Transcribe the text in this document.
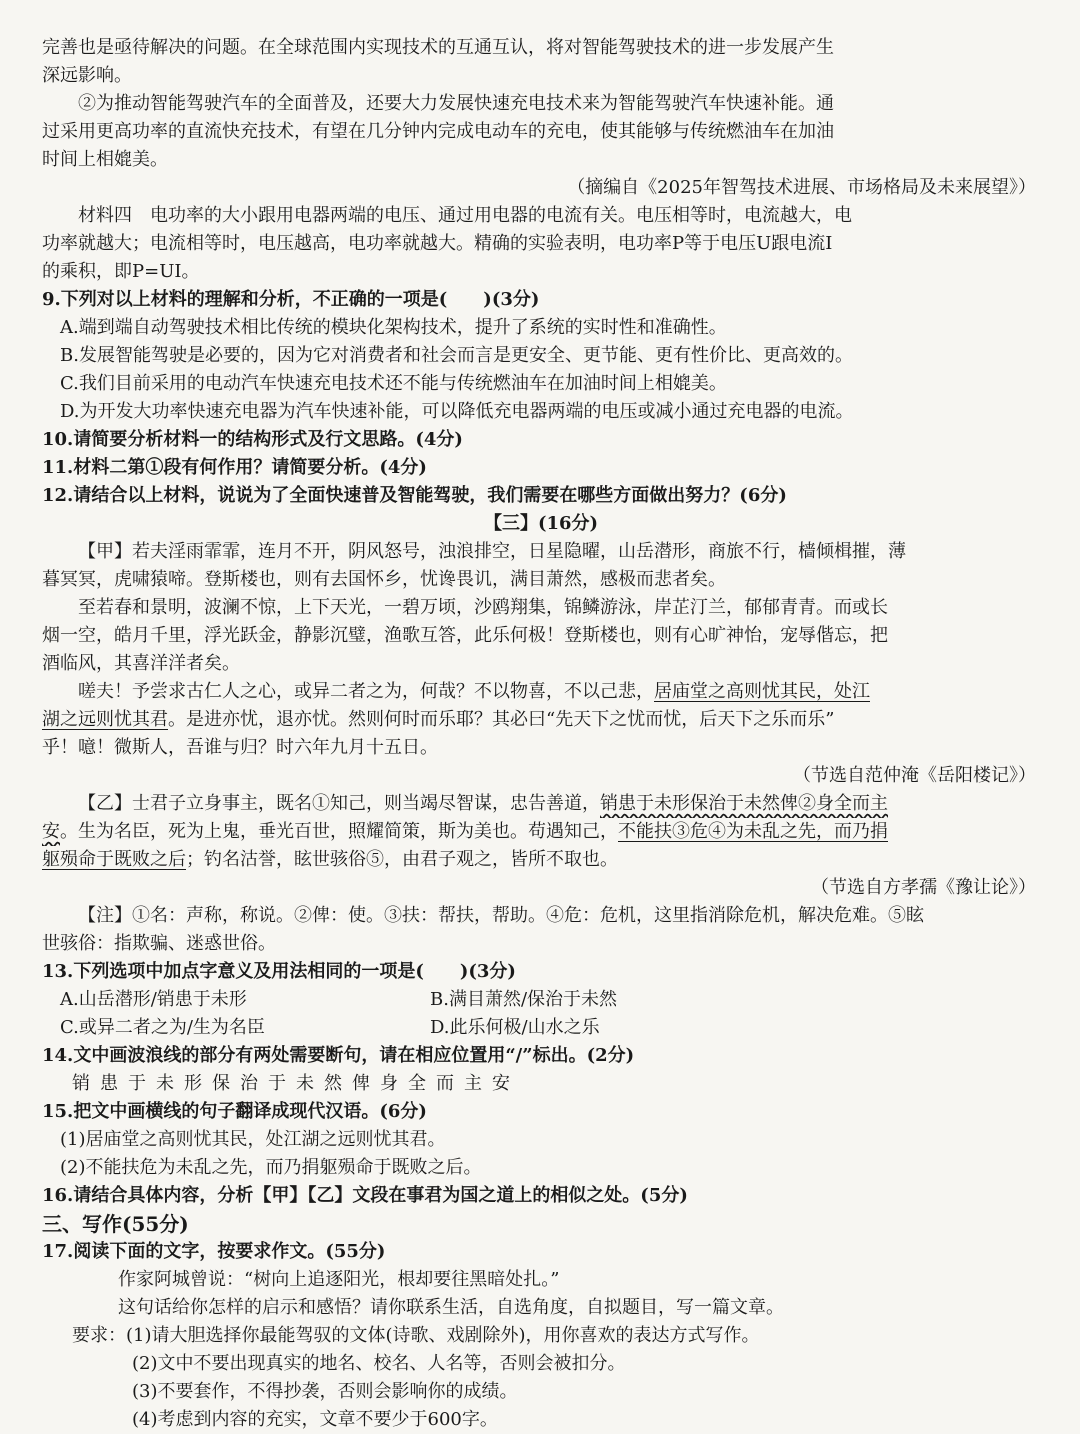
完善也是亟待解决的问题。在全球范围内实现技术的互通互认，将对智能驾驶技术的进一步发展产生

深远影响。

②为推动智能驾驶汽车的全面普及，还要大力发展快速充电技术来为智能驾驶汽车快速补能。通

过采用更高功率的直流快充技术，有望在几分钟内完成电动车的充电，使其能够与传统燃油车在加油

时间上相媲美。

（摘编自《2025年智驾技术进展、市场格局及未来展望》）

材料四　电功率的大小跟用电器两端的电压、通过用电器的电流有关。电压相等时，电流越大，电

功率就越大；电流相等时，电压越高，电功率就越大。精确的实验表明，电功率P等于电压U跟电流I

的乘积，即P=UI。

9.下列对以上材料的理解和分析，不正确的一项是(　　)(3分)

A.端到端自动驾驶技术相比传统的模块化架构技术，提升了系统的实时性和准确性。

B.发展智能驾驶是必要的，因为它对消费者和社会而言是更安全、更节能、更有性价比、更高效的。

C.我们目前采用的电动汽车快速充电技术还不能与传统燃油车在加油时间上相媲美。

D.为开发大功率快速充电器为汽车快速补能，可以降低充电器两端的电压或减小通过充电器的电流。

10.请简要分析材料一的结构形式及行文思路。(4分)

11.材料二第①段有何作用？请简要分析。(4分)

12.请结合以上材料，说说为了全面快速普及智能驾驶，我们需要在哪些方面做出努力？(6分)

【三】(16分)

【甲】若夫淫雨霏霏，连月不开，阴风怒号，浊浪排空，日星隐曜，山岳潜形，商旅不行，樯倾楫摧，薄

暮冥冥，虎啸猿啼。登斯楼也，则有去国怀乡，忧谗畏讥，满目萧然，感极而悲者矣。

至若春和景明，波澜不惊，上下天光，一碧万顷，沙鸥翔集，锦鳞游泳，岸芷汀兰，郁郁青青。而或长

烟一空，皓月千里，浮光跃金，静影沉璧，渔歌互答，此乐何极！登斯楼也，则有心旷神怡，宠辱偕忘，把

酒临风，其喜洋洋者矣。

嗟夫！予尝求古仁人之心，或异二者之为，何哉？不以物喜，不以己悲，居庙堂之高则忧其民，处江

湖之远则忧其君。是进亦忧，退亦忧。然则何时而乐耶？其必曰“先天下之忧而忧，后天下之乐而乐”

乎！噫！微斯人，吾谁与归？时六年九月十五日。

（节选自范仲淹《岳阳楼记》）

【乙】士君子立身事主，既名①知己，则当竭尽智谋，忠告善道，销患于未形保治于未然俾②身全而主

安。生为名臣，死为上鬼，垂光百世，照耀简策，斯为美也。苟遇知己，不能扶③危④为未乱之先，而乃捐

躯殒命于既败之后；钓名沽誉，眩世骇俗⑤，由君子观之，皆所不取也。

（节选自方孝孺《豫让论》）

【注】①名：声称，称说。②俾：使。③扶：帮扶，帮助。④危：危机，这里指消除危机，解决危难。⑤眩

世骇俗：指欺骗、迷惑世俗。

13.下列选项中加点字意义及用法相同的一项是(　　)(3分)

A.山岳潜形/销患于未形	B.满目萧然/保治于未然
C.或异二者之为/生为名臣	D.此乐何极/山水之乐

14.文中画波浪线的部分有两处需要断句，请在相应位置用“/”标出。(2分)

销患于未形保治于未然俾身全而主安

15.把文中画横线的句子翻译成现代汉语。(6分)

(1)居庙堂之高则忧其民，处江湖之远则忧其君。

(2)不能扶危为未乱之先，而乃捐躯殒命于既败之后。

16.请结合具体内容，分析【甲】【乙】文段在事君为国之道上的相似之处。(5分)

三、写作(55分)

17.阅读下面的文字，按要求作文。(55分)

作家阿城曾说：“树向上追逐阳光，根却要往黑暗处扎。”

这句话给你怎样的启示和感悟？请你联系生活，自选角度，自拟题目，写一篇文章。

要求：(1)请大胆选择你最能驾驭的文体(诗歌、戏剧除外)，用你喜欢的表达方式写作。

(2)文中不要出现真实的地名、校名、人名等，否则会被扣分。

(3)不要套作，不得抄袭，否则会影响你的成绩。

(4)考虑到内容的充实，文章不要少于600字。
